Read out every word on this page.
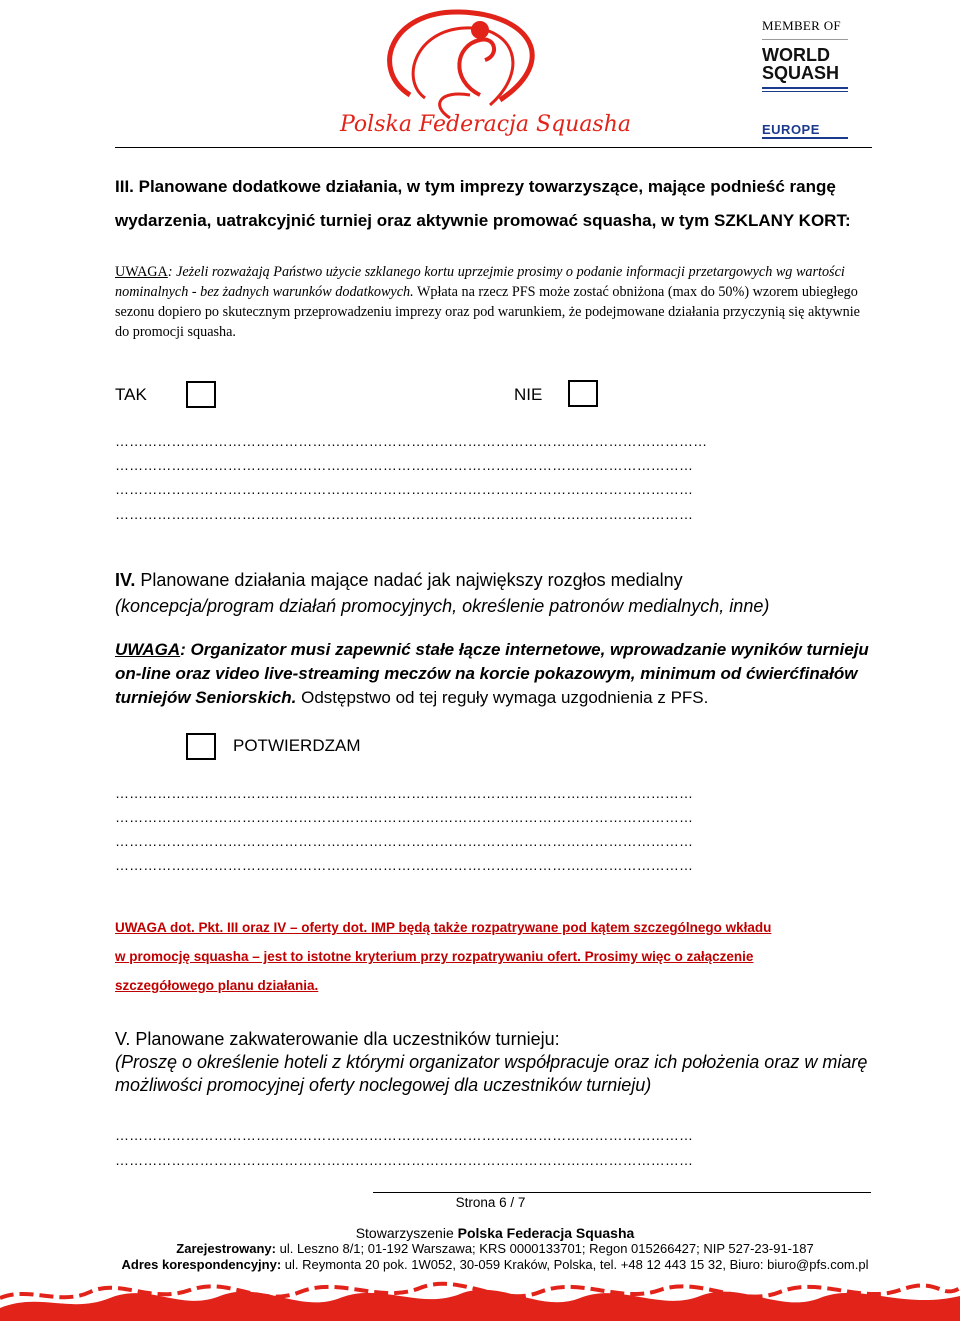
Polska Federacja Squasha
MEMBER OF
WORLD
SQUASH
EUROPE
III. Planowane dodatkowe działania, w tym imprezy towarzyszące, mające podnieść rangę
wydarzenia, uatrakcyjnić turniej oraz aktywnie promować squasha, w tym SZKLANY KORT:
UWAGA: Jeżeli rozważają Państwo użycie szklanego kortu uprzejmie prosimy o podanie informacji przetargowych wg wartości nominalnych - bez żadnych warunków dodatkowych. Wpłata na rzecz PFS może zostać obniżona (max do 50%) wzorem ubiegłego sezonu dopiero po skutecznym przeprowadzeniu imprezy oraz pod warunkiem, że podejmowane działania przyczynią się aktywnie do promocji squasha.
TAK	NIE
………………………………………………………………………………………………………………
……………………………………………………………………………………………………………
……………………………………………………………………………………………………………
……………………………………………………………………………………………………………
IV. Planowane działania mające nadać jak największy rozgłos medialny
(koncepcja/program działań promocyjnych, określenie patronów medialnych, inne)
UWAGA: Organizator musi zapewnić stałe łącze internetowe, wprowadzanie wyników turnieju on-line oraz video live-streaming meczów na korcie pokazowym, minimum od ćwierćfinałów turniejów Seniorskich. Odstępstwo od tej reguły wymaga uzgodnienia z PFS.
POTWIERDZAM
……………………………………………………………………………………………………………
……………………………………………………………………………………………………………
……………………………………………………………………………………………………………
……………………………………………………………………………………………………………
UWAGA dot. Pkt. III oraz IV – oferty dot. IMP będą także rozpatrywane pod kątem szczególnego wkładu
w promocję squasha – jest to istotne kryterium przy rozpatrywaniu ofert. Prosimy więc o załączenie
szczegółowego planu działania.
V. Planowane zakwaterowanie dla uczestników turnieju:
(Proszę o określenie hoteli z którymi organizator współpracuje oraz ich położenia oraz w miarę możliwości promocyjnej oferty noclegowej dla uczestników turnieju)
……………………………………………………………………………………………………………
……………………………………………………………………………………………………………
Strona 6 / 7
Stowarzyszenie Polska Federacja Squasha
Zarejestrowany: ul. Leszno 8/1; 01-192 Warszawa; KRS 0000133701; Regon 015266427; NIP 527-23-91-187
Adres korespondencyjny: ul. Reymonta 20 pok. 1W052, 30-059 Kraków, Polska, tel. +48 12 443 15 32, Biuro: biuro@pfs.com.pl
